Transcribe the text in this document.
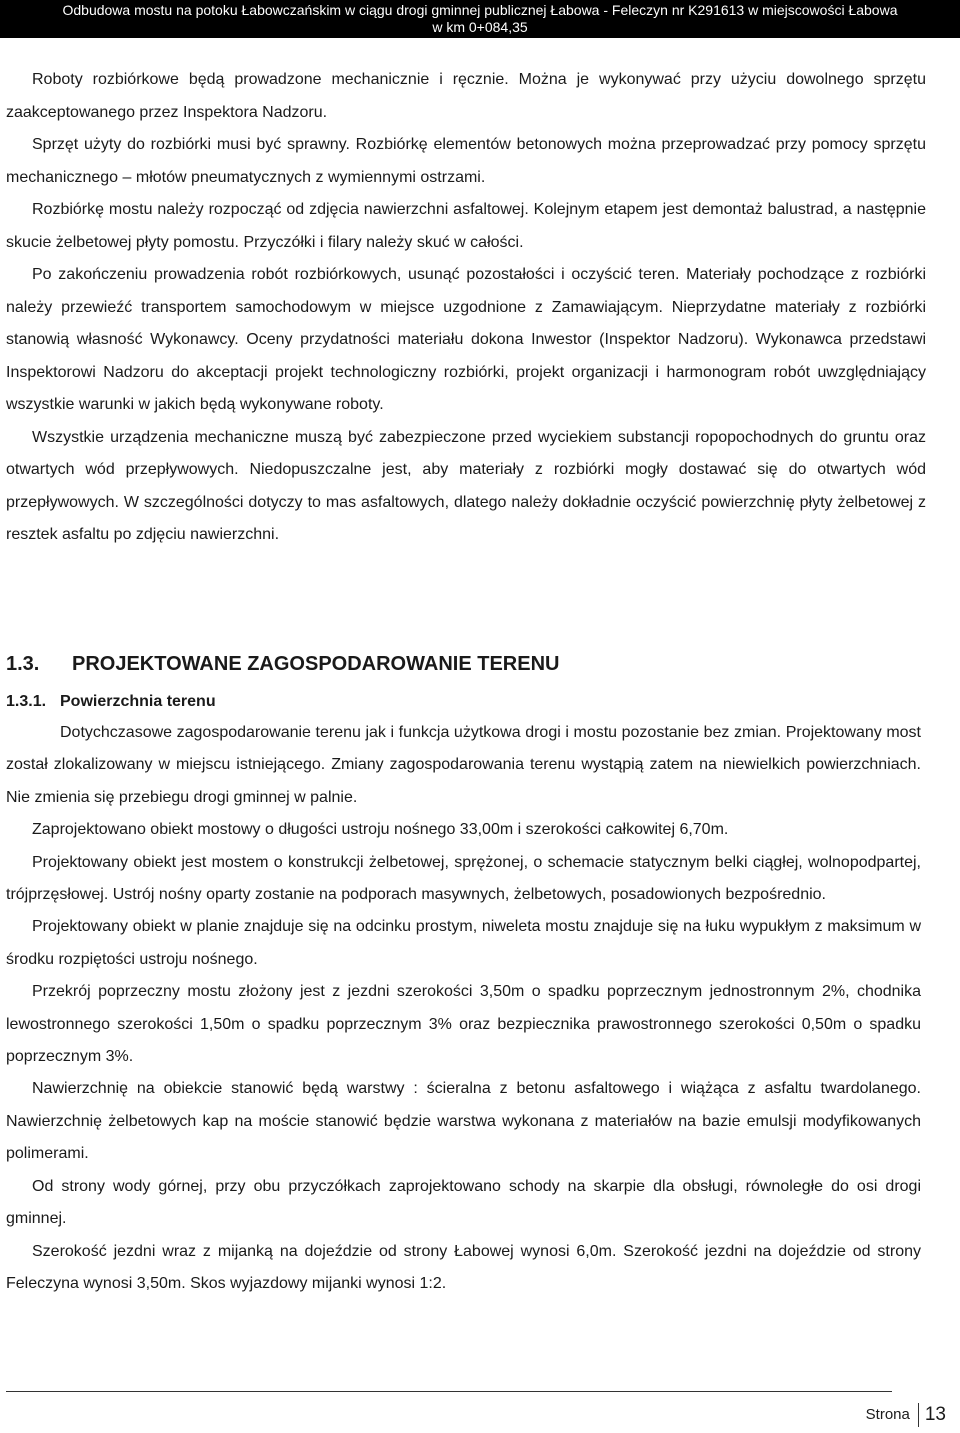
Odbudowa mostu na potoku Łabowczańskim w ciągu drogi gminnej publicznej Łabowa - Feleczyn nr K291613 w miejscowości Łabowa
w km 0+084,35

Roboty rozbiórkowe będą prowadzone mechanicznie i ręcznie. Można je wykonywać przy użyciu dowolnego sprzętu zaakceptowanego przez Inspektora Nadzoru.

Sprzęt użyty do rozbiórki musi być sprawny. Rozbiórkę elementów betonowych można przeprowadzać przy pomocy sprzętu mechanicznego – młotów pneumatycznych z wymiennymi ostrzami.

Rozbiórkę mostu należy rozpocząć od zdjęcia nawierzchni asfaltowej. Kolejnym etapem jest demontaż balustrad, a następnie skucie żelbetowej płyty pomostu. Przyczółki i filary należy skuć w całości.

Po zakończeniu prowadzenia robót rozbiórkowych, usunąć pozostałości i oczyścić teren. Materiały pochodzące z rozbiórki należy przewieźć transportem samochodowym w miejsce uzgodnione z Zamawiającym. Nieprzydatne materiały z rozbiórki stanowią własność Wykonawcy. Oceny przydatności materiału dokona Inwestor (Inspektor Nadzoru). Wykonawca przedstawi Inspektorowi Nadzoru do akceptacji projekt technologiczny rozbiórki, projekt organizacji i harmonogram robót uwzględniający wszystkie warunki w jakich będą wykonywane roboty.

Wszystkie urządzenia mechaniczne muszą być zabezpieczone przed wyciekiem substancji ropopochodnych do gruntu oraz otwartych wód przepływowych. Niedopuszczalne jest, aby materiały z rozbiórki mogły dostawać się do otwartych wód przepływowych. W szczególności dotyczy to mas asfaltowych, dlatego należy dokładnie oczyścić powierzchnię płyty żelbetowej z resztek asfaltu po zdjęciu nawierzchni.

1.3. PROJEKTOWANE ZAGOSPODAROWANIE TERENU
1.3.1. Powierzchnia terenu

Dotychczasowe zagospodarowanie terenu jak i funkcja użytkowa drogi i mostu pozostanie bez zmian. Projektowany most został zlokalizowany w miejscu istniejącego. Zmiany zagospodarowania terenu wystąpią zatem na niewielkich powierzchniach. Nie zmienia się przebiegu drogi gminnej w palnie.

Zaprojektowano obiekt mostowy o długości ustroju nośnego 33,00m i szerokości całkowitej 6,70m.

Projektowany obiekt jest mostem o konstrukcji żelbetowej, sprężonej, o schemacie statycznym belki ciągłej, wolnopodpartej, trójprzęsłowej. Ustrój nośny oparty zostanie na podporach masywnych, żelbetowych, posadowionych bezpośrednio.

Projektowany obiekt w planie znajduje się na odcinku prostym, niweleta mostu znajduje się na łuku wypukłym z maksimum w środku rozpiętości ustroju nośnego.

Przekrój poprzeczny mostu złożony jest z jezdni szerokości 3,50m o spadku poprzecznym jednostronnym 2%, chodnika lewostronnego szerokości 1,50m o spadku poprzecznym 3% oraz bezpiecznika prawostronnego szerokości 0,50m o spadku poprzecznym 3%.

Nawierzchnię na obiekcie stanowić będą warstwy : ścieralna z betonu asfaltowego i wiążąca z asfaltu twardolanego. Nawierzchnię żelbetowych kap na moście stanowić będzie warstwa wykonana z materiałów na bazie emulsji modyfikowanych polimerami.

Od strony wody górnej, przy obu przyczółkach zaprojektowano schody na skarpie dla obsługi, równoległe do osi drogi gminnej.

Szerokość jezdni wraz z mijanką na dojeździe od strony Łabowej wynosi 6,0m. Szerokość jezdni na dojeździe od strony Feleczyna wynosi 3,50m. Skos wyjazdowy mijanki wynosi 1:2.

Strona 13
